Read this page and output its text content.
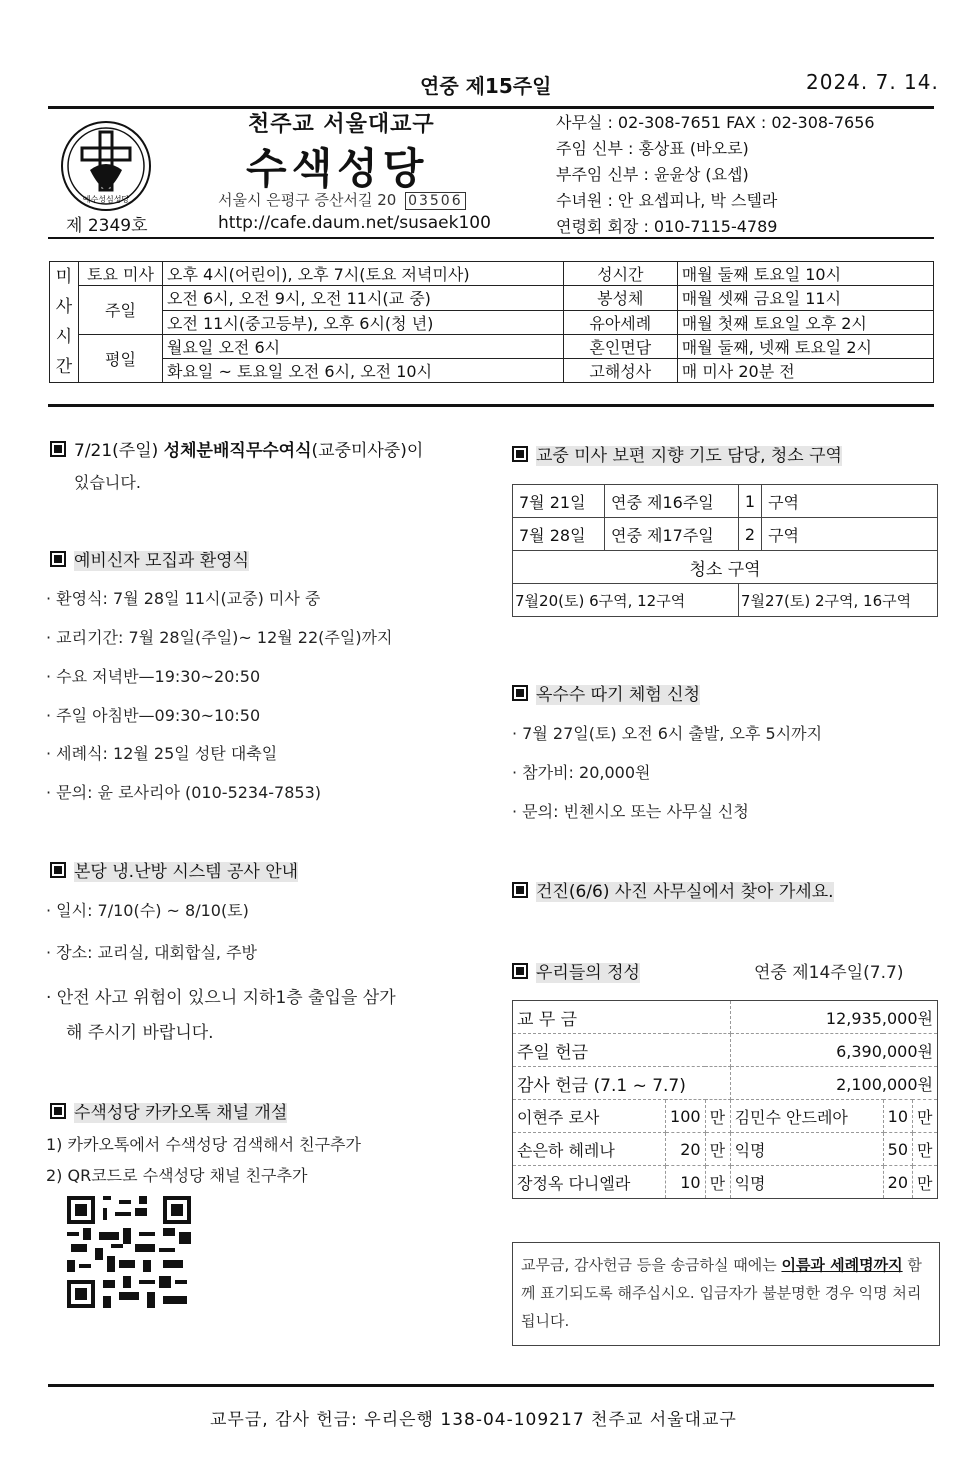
연중 제15주일	2024. 7. 14.
예수성심성당
제 2349호
천주교 서울대교구
수색성당
서울시 은평구 증산서길 20 03506
http://cafe.daum.net/susaek100
사무실 : 02-308-7651 FAX : 02-308-7656
주임 신부 : 홍상표 (바오로)
부주임 신부 : 윤윤상 (요셉)
수녀원 : 안 요셉피나, 박 스텔라
연령회 회장 : 010-7115-4789
미
사
시
간	토요 미사	오후 4시(어린이), 오후 7시(토요 저녁미사)	성시간	매월 둘째 토요일 10시
	주일	오전 6시, 오전 9시, 오전 11시(교 중)	봉성체	매월 셋째 금요일 11시
		오전 11시(중고등부), 오후 6시(청 년)	유아세례	매월 첫째 토요일 오후 2시
	평일	월요일 오전 6시	혼인면담	매월 둘째, 넷째 토요일 2시
		화요일 ~ 토요일 오전 6시, 오전 10시	고해성사	매 미사 20분 전
7/21(주일) 성체분배직무수여식(교중미사중)이
있습니다.
예비신자 모집과 환영식
· 환영식: 7월 28일 11시(교중) 미사 중
· 교리기간: 7월 28일(주일)~ 12월 22(주일)까지
· 수요 저녁반—19:30~20:50
· 주일 아침반—09:30~10:50
· 세례식: 12월 25일 성탄 대축일
· 문의: 윤 로사리아 (010-5234-7853)
본당 냉.난방 시스템 공사 안내
· 일시: 7/10(수) ~ 8/10(토)
· 장소: 교리실, 대회합실, 주방
· 안전 사고 위험이 있으니 지하1층 출입을 삼가
해 주시기 바랍니다.
수색성당 카카오톡 채널 개설
1) 카카오톡에서 수색성당 검색해서 친구추가
2) QR코드로 수색성당 채널 친구추가
교중 미사 보편 지향 기도 담당, 청소 구역
7월 21일	연중 제16주일	1	구역
7월 28일	연중 제17주일	2	구역
청소 구역			
7월20(토) 6구역, 12구역		7월27(토) 2구역, 16구역	
옥수수 따기 체험 신청
· 7월 27일(토) 오전 6시 출발, 오후 5시까지
· 참가비: 20,000원
· 문의: 빈첸시오 또는 사무실 신청
건진(6/6) 사진 사무실에서 찾아 가세요.
우리들의 정성	연중 제14주일(7.7)
교 무 금			12,935,000원		
주일 헌금			6,390,000원		
감사 헌금 (7.1 ~ 7.7)			2,100,000원		
이현주 로사	100	만	김민수 안드레아	10	만
손은하 헤레나	20	만	익명	50	만
장정옥 다니엘라	10	만	익명	20	만
교무금, 감사헌금 등을 송금하실 때에는 이름과 세례명까지 함께 표기되도록 해주십시오. 입금자가 불분명한 경우 익명 처리됩니다.
교무금, 감사 헌금: 우리은행 138-04-109217 천주교 서울대교구
